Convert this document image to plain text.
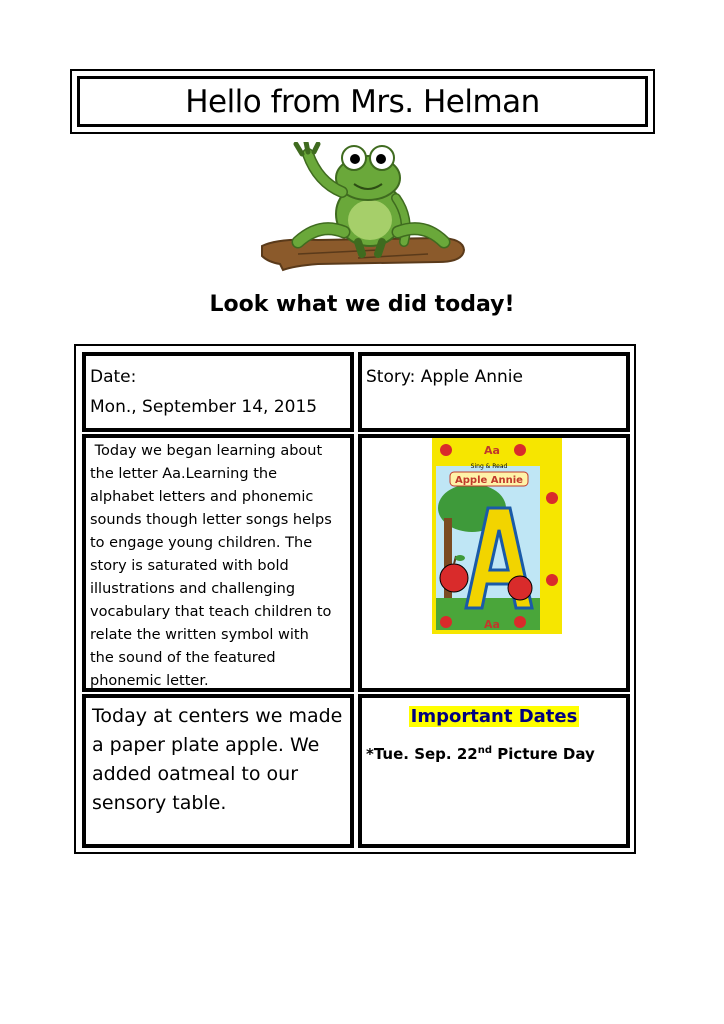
Hello from Mrs. Helman
Look what we did today!
Date:
Mon., September 14, 2015
Story: Apple Annie
Today we began learning about
the letter Aa.Learning the
alphabet letters and phonemic
sounds though letter songs helps
to engage young children. The
story is saturated with bold
illustrations and challenging
vocabulary that teach children to
relate the written symbol with
the sound of the featured
phonemic letter.
Sing & Read
Apple Annie
Aa
Aa
Today at centers we made a paper plate apple. We added oatmeal to our sensory table.
Important Dates
*Tue. Sep. 22nd Picture Day
